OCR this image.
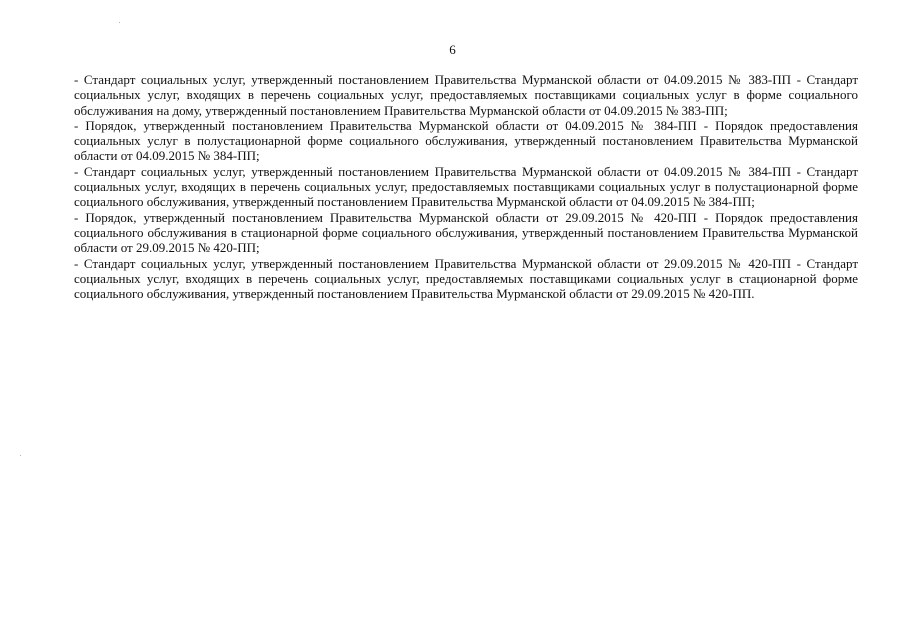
6

- Стандарт социальных услуг, утвержденный постановлением Правительства Мурманской области от 04.09.2015 № 383-ПП - Стандарт социальных услуг, входящих в перечень социальных услуг, предоставляемых поставщиками социальных услуг в форме социального обслуживания на дому, утвержденный постановлением Правительства Мурманской области от 04.09.2015 № 383-ПП;

- Порядок, утвержденный постановлением Правительства Мурманской области от 04.09.2015 № 384-ПП - Порядок предоставления социальных услуг в полустационарной форме социального обслуживания, утвержденный постановлением Правительства Мурманской области от 04.09.2015 № 384-ПП;

- Стандарт социальных услуг, утвержденный постановлением Правительства Мурманской области от 04.09.2015 № 384-ПП - Стандарт социальных услуг, входящих в перечень социальных услуг, предоставляемых поставщиками социальных услуг в полустационарной форме социального обслуживания, утвержденный постановлением Правительства Мурманской области от 04.09.2015 № 384-ПП;

- Порядок, утвержденный постановлением Правительства Мурманской области от 29.09.2015 № 420-ПП - Порядок предоставления социального обслуживания в стационарной форме социального обслуживания, утвержденный постановлением Правительства Мурманской области от 29.09.2015 № 420-ПП;

- Стандарт социальных услуг, утвержденный постановлением Правительства Мурманской области от 29.09.2015 № 420-ПП - Стандарт социальных услуг, входящих в перечень социальных услуг, предоставляемых поставщиками социальных услуг в стационарной форме социального обслуживания, утвержденный постановлением Правительства Мурманской области от 29.09.2015 № 420-ПП.
